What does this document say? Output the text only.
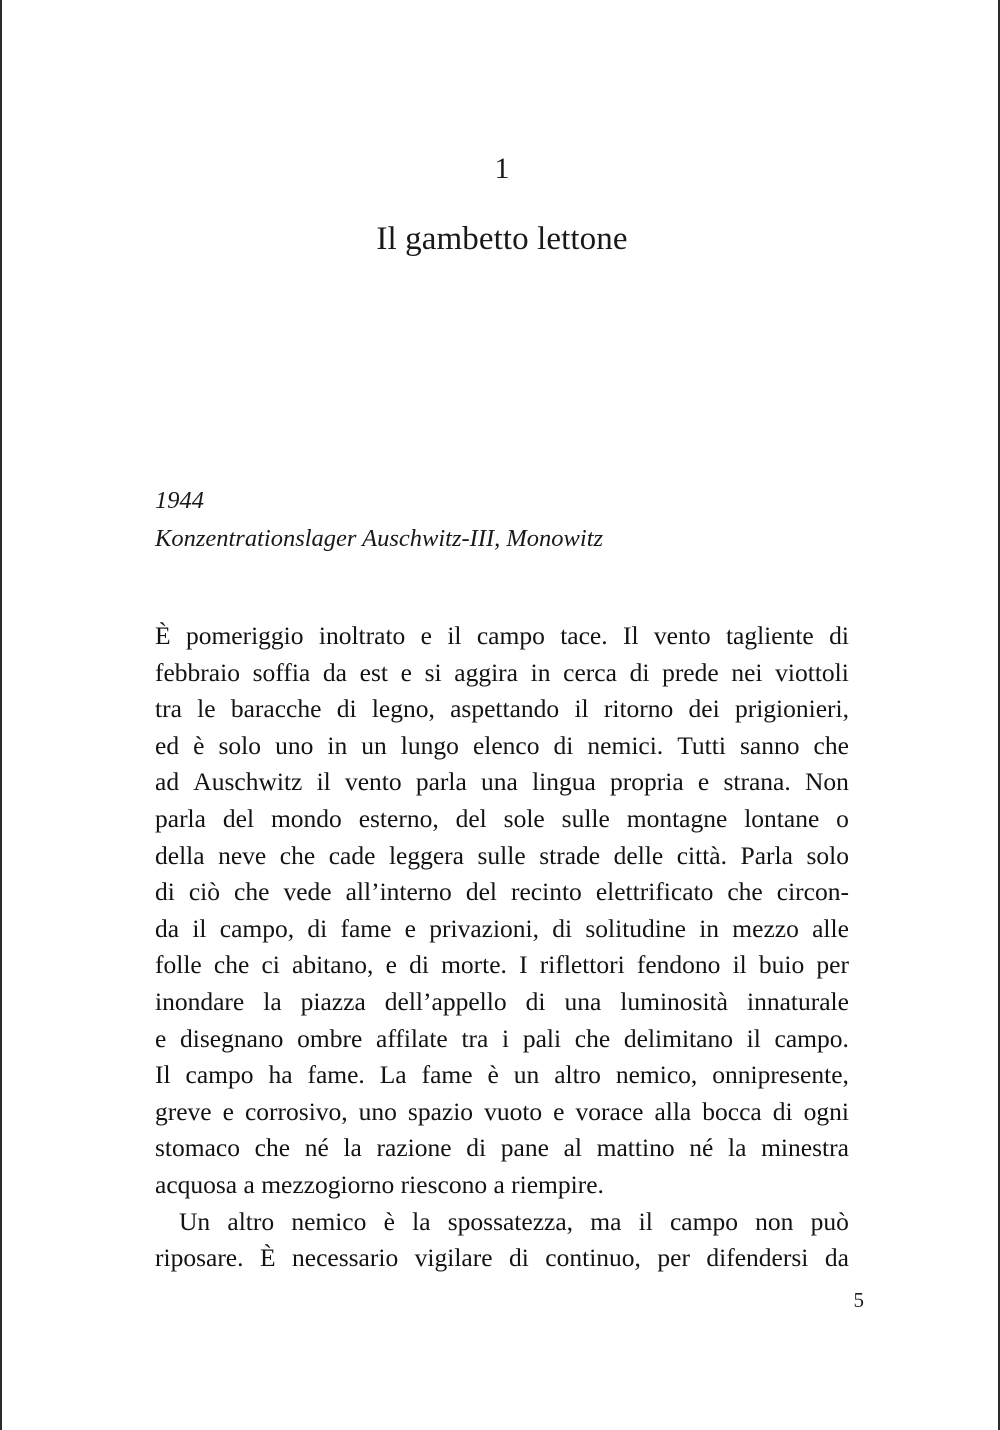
1
Il gambetto lettone
1944
Konzentrationslager Auschwitz-III, Monowitz
È pomeriggio inoltrato e il campo tace. Il vento tagliente di
febbraio soffia da est e si aggira in cerca di prede nei viottoli
tra le baracche di legno, aspettando il ritorno dei prigionieri,
ed è solo uno in un lungo elenco di nemici. Tutti sanno che
ad Auschwitz il vento parla una lingua propria e strana. Non
parla del mondo esterno, del sole sulle montagne lontane o
della neve che cade leggera sulle strade delle città. Parla solo
di ciò che vede all’interno del recinto elettrificato che circon-
da il campo, di fame e privazioni, di solitudine in mezzo alle
folle che ci abitano, e di morte. I riflettori fendono il buio per
inondare la piazza dell’appello di una luminosità innaturale
e disegnano ombre affilate tra i pali che delimitano il campo.
Il campo ha fame. La fame è un altro nemico, onnipresente,
greve e corrosivo, uno spazio vuoto e vorace alla bocca di ogni
stomaco che né la razione di pane al mattino né la minestra
acquosa a mezzogiorno riescono a riempire.
Un altro nemico è la spossatezza, ma il campo non può
riposare. È necessario vigilare di continuo, per difendersi da
5
